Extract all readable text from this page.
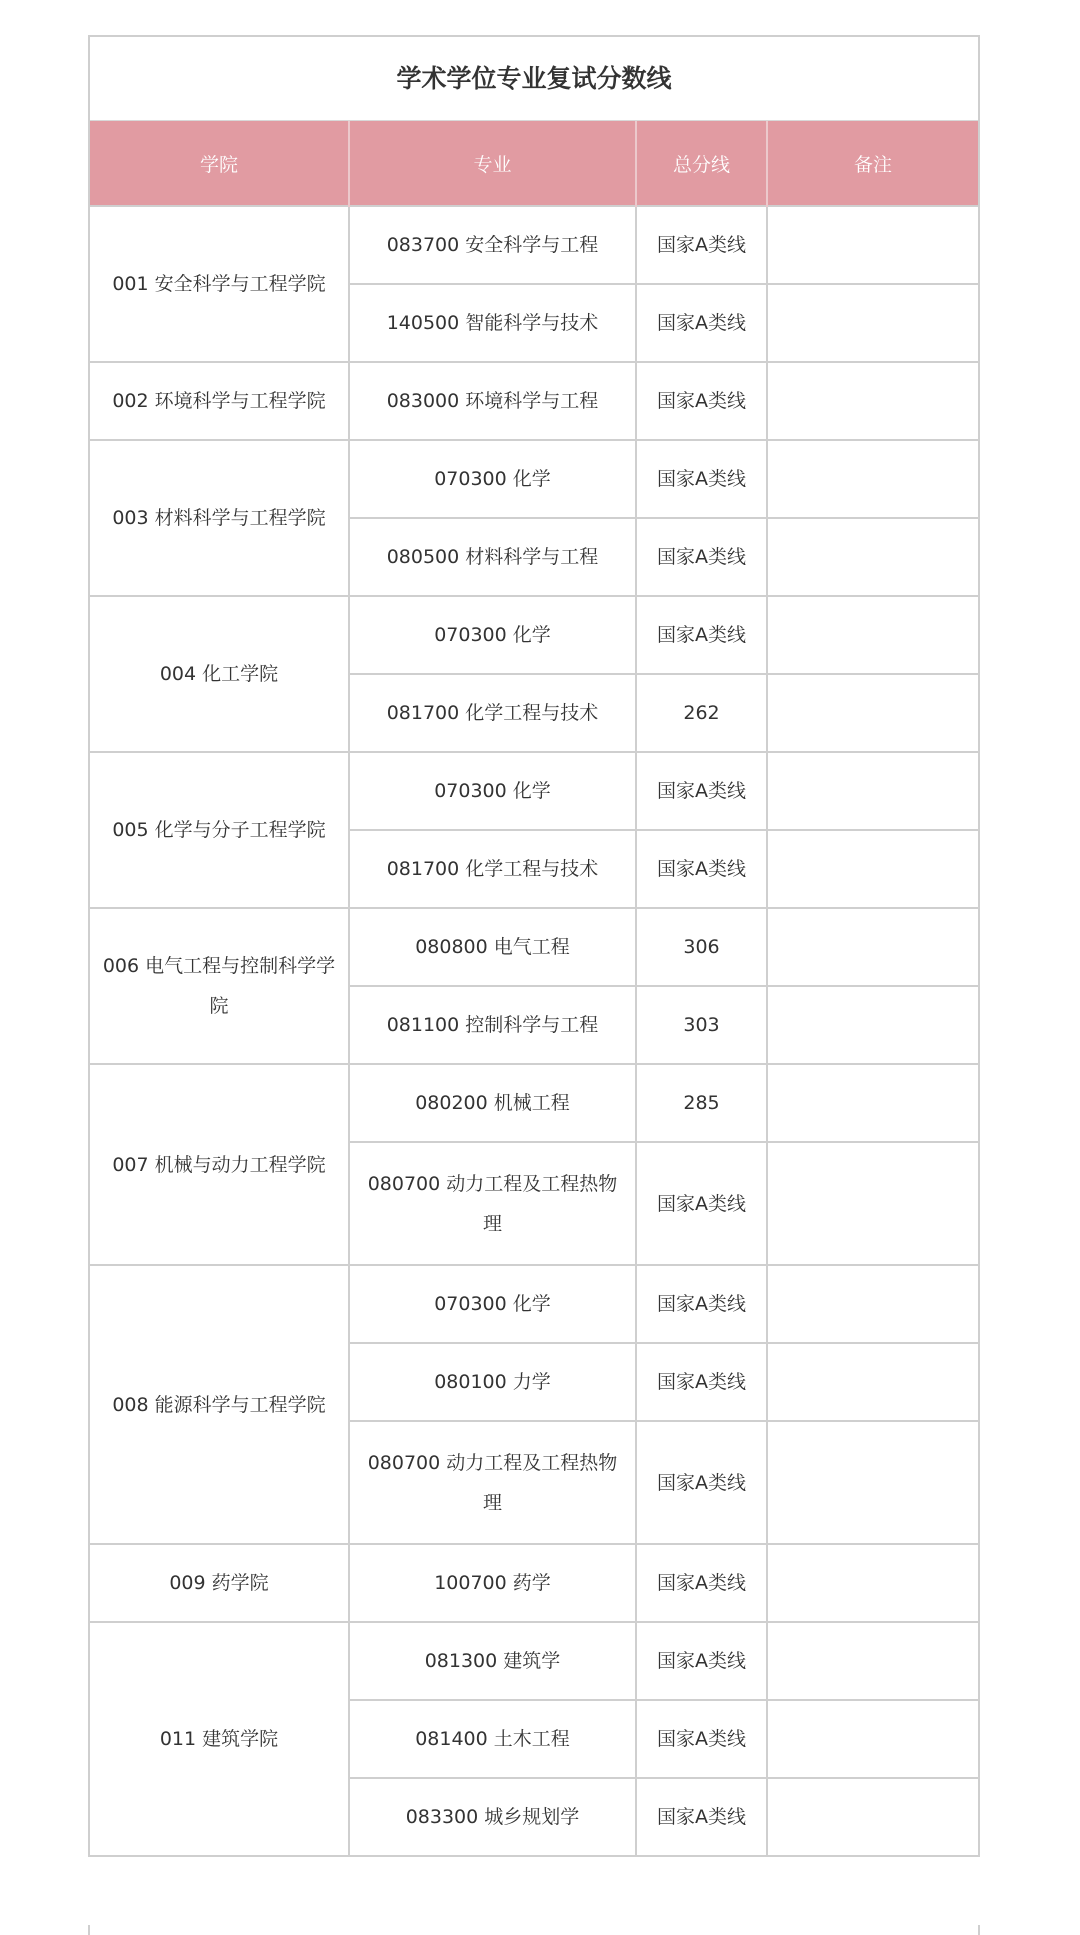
学术学位专业复试分数线
学院	专业	总分线	备注
001 安全科学与工程学院	083700 安全科学与工程	国家A类线	
	140500 智能科学与技术	国家A类线	
002 环境科学与工程学院	083000 环境科学与工程	国家A类线	
003 材料科学与工程学院	070300 化学	国家A类线	
	080500 材料科学与工程	国家A类线	
004 化工学院	070300 化学	国家A类线	
	081700 化学工程与技术	262	
005 化学与分子工程学院	070300 化学	国家A类线	
	081700 化学工程与技术	国家A类线	
006 电气工程与控制科学学院	080800 电气工程	306	
	081100 控制科学与工程	303	
007 机械与动力工程学院	080200 机械工程	285	
	080700 动力工程及工程热物理	国家A类线	
008 能源科学与工程学院	070300 化学	国家A类线	
	080100 力学	国家A类线	
	080700 动力工程及工程热物理	国家A类线	
009 药学院	100700 药学	国家A类线	
011 建筑学院	081300 建筑学	国家A类线	
	081400 土木工程	国家A类线	
	083300 城乡规划学	国家A类线	
